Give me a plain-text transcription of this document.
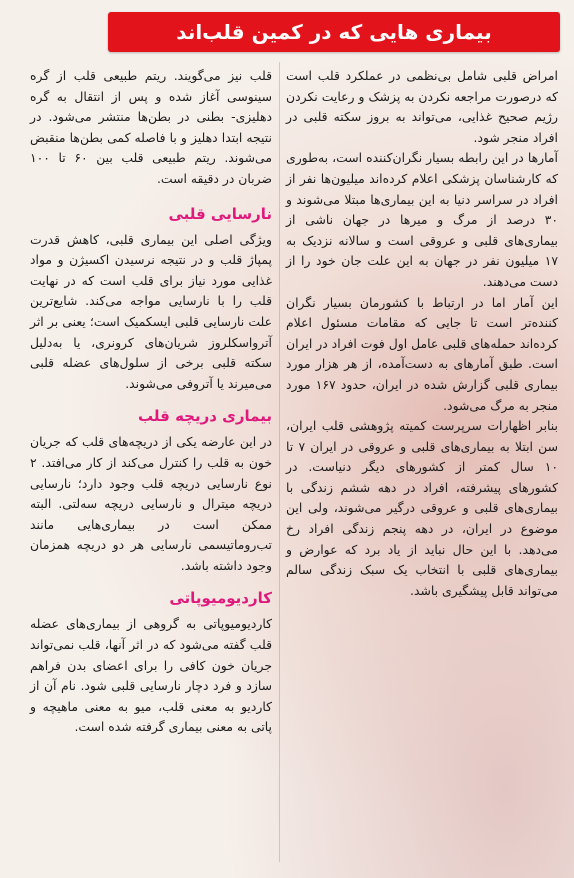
بیماری هایی که در کمین قلب‌اند

امراض قلبی شامل بی‌نظمی در عملکرد قلب است که درصورت مراجعه نکردن به پزشک و رعایت نکردن رژیم صحیح غذایی، می‌تواند به بروز سکته قلبی در افراد منجر شود.

آمارها در این رابطه بسیار نگران‌کننده است، به‌طوری که کارشناسان پزشکی اعلام کرده‌اند میلیون‌ها نفر از افراد در سراسر دنیا به این بیماری‌ها مبتلا می‌شوند و ۳۰ درصد از مرگ و میرها در جهان ناشی از بیماری‌های قلبی و عروقی است و سالانه نزدیک به ۱۷ میلیون نفر در جهان به این علت جان خود را از دست می‌دهند.

این آمار اما در ارتباط با کشورمان بسیار نگران کننده‌تر است تا جایی که مقامات مسئول اعلام کرده‌اند حمله‌های قلبی عامل اول فوت افراد در ایران است. طبق آمارهای به دست‌آمده، از هر هزار مورد بیماری قلبی گزارش شده در ایران، حدود ۱۶۷ مورد منجر به مرگ می‌شود.

بنابر اظهارات سرپرست کمیته پژوهشی قلب ایران، سن ابتلا به بیماری‌های قلبی و عروقی در ایران ۷ تا ۱۰ سال کمتر از کشورهای دیگر دنیاست. در کشورهای پیشرفته، افراد در دهه ششم زندگی با بیماری‌های قلبی و عروقی درگیر می‌شوند، ولی این موضوع در ایران، در دهه پنجم زندگی افراد رخ می‌دهد. با این حال نباید از یاد برد که عوارض و بیماری‌های قلبی با انتخاب یک سبک زندگی سالم می‌تواند قابل پیشگیری باشد.

قلب نیز می‌گویند. ریتم طبیعی قلب از گره سینوسی آغاز شده و پس از انتقال به گره دهلیزی- بطنی در بطن‌ها منتشر می‌شود. در نتیجه ابتدا دهلیز و با فاصله کمی بطن‌ها منقبض می‌شوند. ریتم طبیعی قلب بین ۶۰ تا ۱۰۰ ضربان در دقیقه است.

نارسایی قلبی

ویژگی اصلی این بیماری قلبی، کاهش قدرت پمپاژ قلب و در نتیجه نرسیدن اکسیژن و مواد غذایی مورد نیاز برای قلب است که در نهایت قلب را با نارسایی مواجه می‌کند. شایع‌ترین علت نارسایی قلبی ایسکمیک است؛ یعنی بر اثر آترواسکلروز شریان‌های کرونری، یا به‌دلیل سکته قلبی برخی از سلول‌های عضله قلبی می‌میرند یا آتروفی می‌شوند.

بیماری دریچه قلب

در این عارضه یکی از دریچه‌های قلب که جریان خون به قلب را کنترل می‌کند از کار می‌افتد. ۲ نوع نارسایی دریچه قلب وجود دارد؛ نارسایی دریچه میترال و نارسایی دریچه سه‌لتی. البته ممکن است در بیماری‌هایی مانند تب‌روماتیسمی نارسایی هر دو دریچه همزمان وجود داشته باشد.

کاردیومیوپاتی

کاردیومیوپاتی به گروهی از بیماری‌های عضله قلب گفته می‌شود که در اثر آنها، قلب نمی‌تواند جریان خون کافی را برای اعضای بدن فراهم سازد و فرد دچار نارسایی قلبی شود. نام آن از کاردیو به معنی قلب، میو به معنی ماهیچه و پاتی به معنی بیماری گرفته شده است.
